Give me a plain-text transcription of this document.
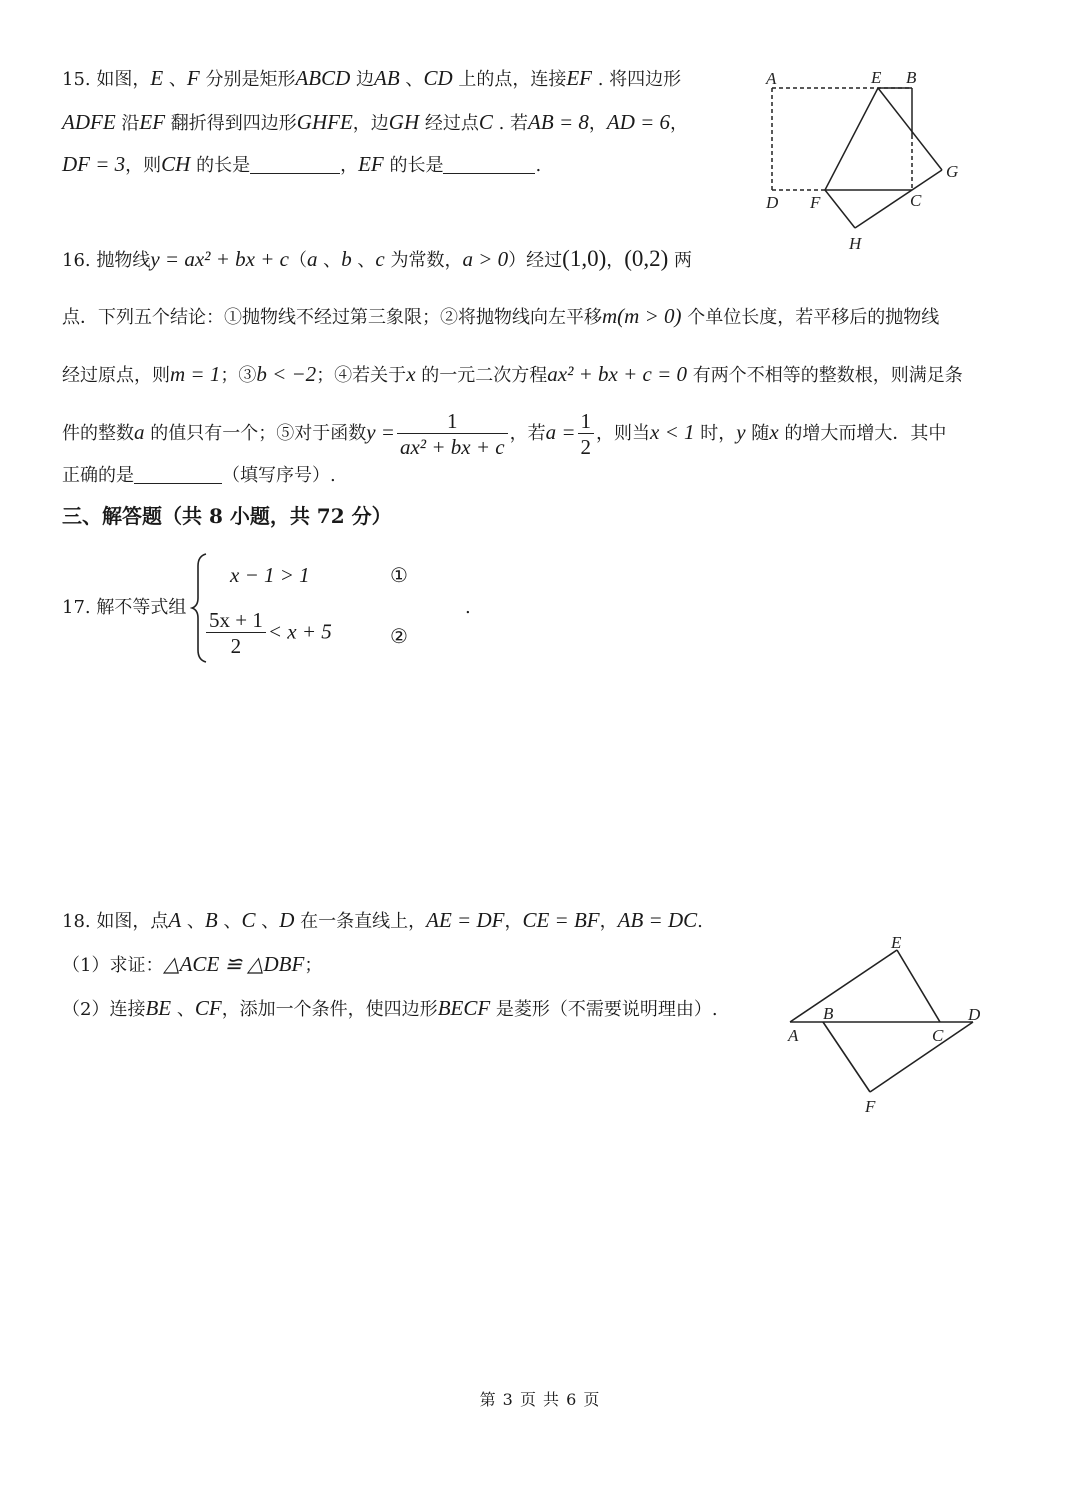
15. 如图，E 、F 分别是矩形ABCD 边AB 、CD 上的点，连接EF . 将四边形
ADFE 沿EF 翻折得到四边形GHFE，边GH 经过点C . 若AB = 8，AD = 6，
DF = 3，则CH 的长是	，EF 的长是	.
A	E B
G
D F	C
H
16. 抛物线y = ax² + bx + c（a 、b 、c 为常数，a > 0）经过(1,0)，(0,2) 两
点．下列五个结论：①抛物线不经过第三象限；②将抛物线向左平移m(m > 0) 个单位长度，若平移后的抛物线
经过原点，则m = 1；③b < −2；④若关于x 的一元二次方程ax² + bx + c = 0 有两个不相等的整数根，则满足条
件的整数a 的值只有一个；⑤对于函数$y = \frac{1}{\text{ax² + bx + c}}$ ，若$a = \frac{1}{2}$ ，则当x < 1 时，y 随x 的增大而增大．其中
正确的是	（填写序号）.
三、解答题（共 8 小题，共 72 分）
17. 解不等式组
x − 1 > 1	①
$\frac{5x + 1}{2} < x + 5$	②
.
18. 如图，点A 、B 、C 、D 在一条直线上，AE = DF，CE = BF，AB = DC.
（1）求证：△ACE ≌ △DBF；
（2）连接BE 、CF，添加一个条件，使四边形BECF 是菱形（不需要说明理由）.
E
B	D
A	C
F
第 3 页 共 6 页
